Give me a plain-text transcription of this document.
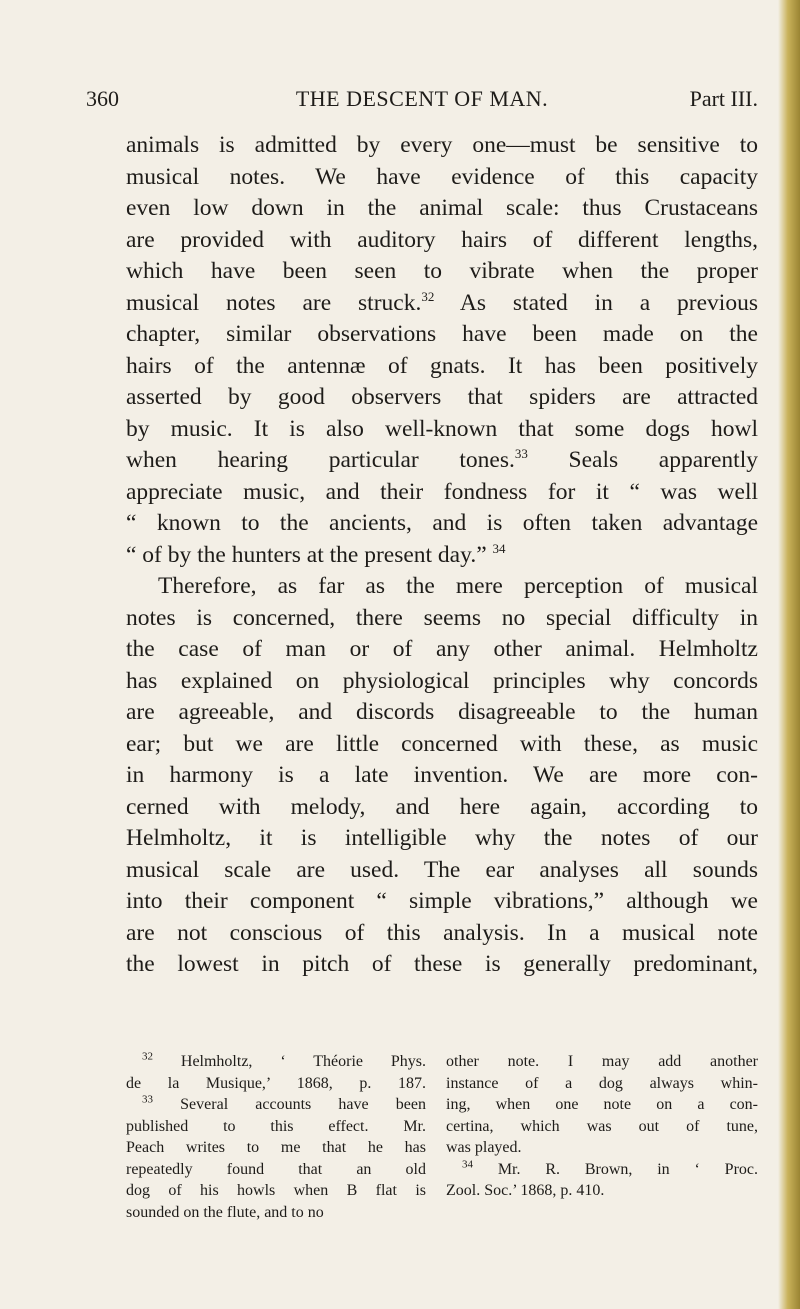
360	THE DESCENT OF MAN.	Part III.
animals is admitted by every one—must be sensitive to
musical notes. We have evidence of this capacity
even low down in the animal scale: thus Crustaceans
are provided with auditory hairs of different lengths,
which have been seen to vibrate when the proper
musical notes are struck.$^{32}$ As stated in a previous
chapter, similar observations have been made on the
hairs of the antennæ of gnats. It has been positively
asserted by good observers that spiders are attracted
by music. It is also well-known that some dogs howl
when hearing particular tones.$^{33}$ Seals apparently
appreciate music, and their fondness for it “ was well
“ known to the ancients, and is often taken advantage
“ of by the hunters at the present day.” $^{34}$
Therefore, as far as the mere perception of musical
notes is concerned, there seems no special difficulty in
the case of man or of any other animal. Helmholtz
has explained on physiological principles why concords
are agreeable, and discords disagreeable to the human
ear; but we are little concerned with these, as music
in harmony is a late invention. We are more con-
cerned with melody, and here again, according to
Helmholtz, it is intelligible why the notes of our
musical scale are used. The ear analyses all sounds
into their component “ simple vibrations,” although we
are not conscious of this analysis. In a musical note
the lowest in pitch of these is generally predominant,
$^{32}$ Helmholtz, ‘ Théorie Phys.
de la Musique,’ 1868, p. 187.
$^{33}$ Several accounts have been
published to this effect. Mr.
Peach writes to me that he has
repeatedly found that an old
dog of his howls when B flat is
sounded on the flute, and to no
other note. I may add another
instance of a dog always whin-
ing, when one note on a con-
certina, which was out of tune,
was played.
$^{34}$ Mr. R. Brown, in ‘ Proc.
Zool. Soc.’ 1868, p. 410.
